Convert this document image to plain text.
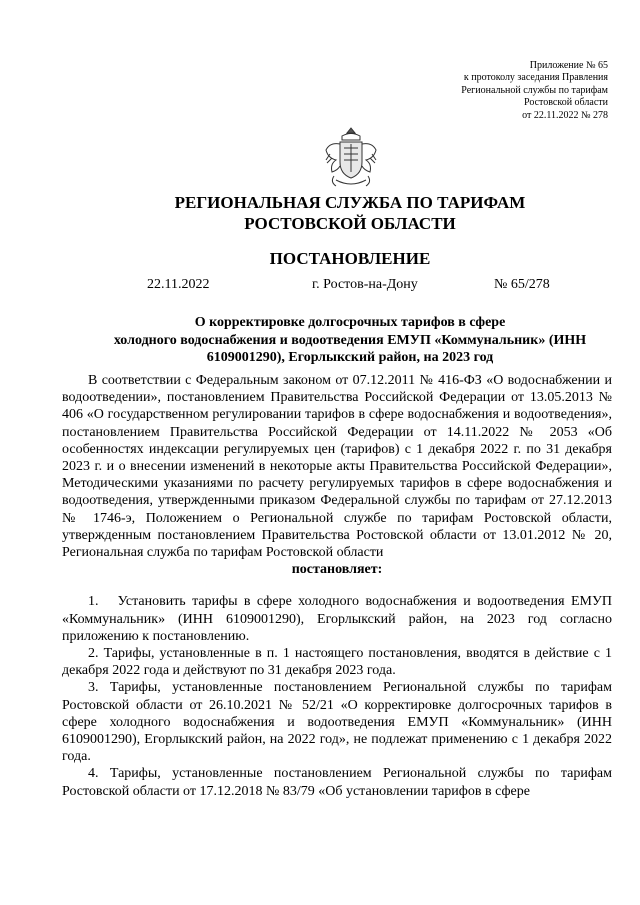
Приложение № 65
к протоколу заседания Правления
Региональной службы по тарифам
Ростовской области
от 22.11.2022 № 278
РЕГИОНАЛЬНАЯ СЛУЖБА ПО ТАРИФАМ
РОСТОВСКОЙ ОБЛАСТИ
ПОСТАНОВЛЕНИЕ
22.11.2022	г. Ростов-на-Дону	№ 65/278
О корректировке долгосрочных тарифов в сфере
холодного водоснабжения и водоотведения ЕМУП «Коммунальник» (ИНН
6109001290), Егорлыкский район, на 2023 год

В соответствии с Федеральным законом от 07.12.2011 № 416-ФЗ «О водоснабжении и водоотведении», постановлением Правительства Российской Федерации от 13.05.2013 № 406 «О государственном регулировании тарифов в сфере водоснабжения и водоотведения», постановлением Правительства Российской Федерации от 14.11.2022 № 2053 «Об особенностях индексации регулируемых цен (тарифов) с 1 декабря 2022 г. по 31 декабря 2023 г. и о внесении изменений в некоторые акты Правительства Российской Федерации», Методическими указаниями по расчету регулируемых тарифов в сфере водоснабжения и водоотведения, утвержденными приказом Федеральной службы по тарифам от 27.12.2013 № 1746-э, Положением о Региональной службе по тарифам Ростовской области, утвержденным постановлением Правительства Ростовской области от 13.01.2012 № 20, Региональная служба по тарифам Ростовской области

постановляет:

1.   Установить тарифы в сфере холодного водоснабжения и водоотведения ЕМУП «Коммунальник» (ИНН 6109001290), Егорлыкский район, на 2023 год согласно приложению к постановлению.

2. Тарифы, установленные в п. 1 настоящего постановления, вводятся в действие с 1 декабря 2022 года и действуют по 31 декабря 2023 года.

3. Тарифы, установленные постановлением Региональной службы по тарифам Ростовской области от 26.10.2021 № 52/21 «О корректировке долгосрочных тарифов в сфере холодного водоснабжения и водоотведения ЕМУП «Коммунальник» (ИНН 6109001290), Егорлыкский район, на 2022 год», не подлежат применению с 1 декабря 2022 года.

4. Тарифы, установленные постановлением Региональной службы по тарифам Ростовской области от 17.12.2018 № 83/79 «Об установлении тарифов в сфере
